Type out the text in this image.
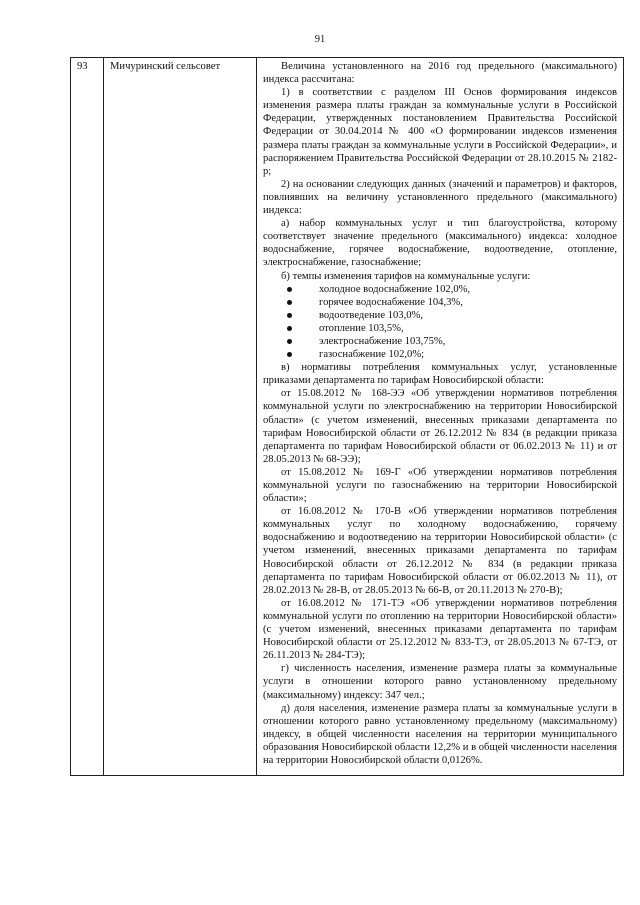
91
93	Мичуринский сельсовет	Величина установленного на 2016 год предельного (максимального) индекса рассчитана:

1) в соответствии с разделом III Основ формирования индексов изменения размера платы граждан за коммунальные услуги в Российской Федерации, утвержденных постановлением Правительства Российской Федерации от 30.04.2014 № 400 «О формировании индексов изменения размера платы граждан за коммунальные услуги в Российской Федерации», и распоряжением Правительства Российской Федерации от 28.10.2015 № 2182-р;

2) на основании следующих данных (значений и параметров) и факторов, повлиявших на величину установленного предельного (максимального) индекса:

а) набор коммунальных услуг и тип благоустройства, которому соответствует значение предельного (максимального) индекса: холодное водоснабжение, горячее водоснабжение, водоотведение, отопление, электроснабжение, газоснабжение;

б) темпы изменения тарифов на коммунальные услуги:

холодное водоснабжение 102,0%,
горячее водоснабжение 104,3%,
водоотведение 103,0%,
отопление 103,5%,
электроснабжение 103,75%,
газоснабжение 102,0%;

в) нормативы потребления коммунальных услуг, установленные приказами департамента по тарифам Новосибирской области:

от 15.08.2012 № 168-ЭЭ «Об утверждении нормативов потребления коммунальной услуги по электроснабжению на территории Новосибирской области» (с учетом изменений, внесенных приказами департамента по тарифам Новосибирской области от 26.12.2012 № 834 (в редакции приказа департамента по тарифам Новосибирской области от 06.02.2013 № 11) и от 28.05.2013 № 68-ЭЭ);

от 15.08.2012 № 169-Г «Об утверждении нормативов потребления коммунальной услуги по газоснабжению на территории Новосибирской области»;

от 16.08.2012 № 170-В «Об утверждении нормативов потребления коммунальных услуг по холодному водоснабжению, горячему водоснабжению и водоотведению на территории Новосибирской области» (с учетом изменений, внесенных приказами департамента по тарифам Новосибирской области от 26.12.2012 № 834 (в редакции приказа департамента по тарифам Новосибирской области от 06.02.2013 № 11), от 28.02.2013 № 28-В, от 28.05.2013 № 66-В, от 20.11.2013 № 270-В);

от 16.08.2012 № 171-ТЭ «Об утверждении нормативов потребления коммунальной услуги по отоплению на территории Новосибирской области» (с учетом изменений, внесенных приказами департамента по тарифам Новосибирской области от 25.12.2012 № 833-ТЭ, от 28.05.2013 № 67-ТЭ, от 26.11.2013 № 284-ТЭ);

г) численность населения, изменение размера платы за коммунальные услуги в отношении которого равно установленному предельному (максимальному) индексу: 347 чел.;

д) доля населения, изменение размера платы за коммунальные услуги в отношении которого равно установленному предельному (максимальному) индексу, в общей численности населения на территории муниципального образования Новосибирской области 12,2% и в общей численности населения на территории Новосибирской области 0,0126%.
